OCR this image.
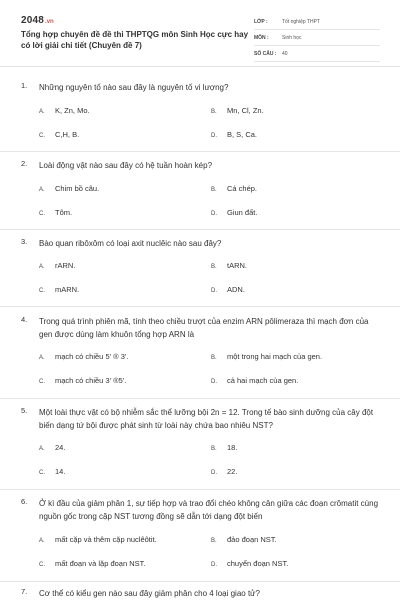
2048.vn
Tổng hợp chuyên đề đề thi THPTQG môn Sinh Học cực hay có lời giải chi tiết (Chuyên đề 7)
LỚP :	Tốt nghiệp THPT
MÔN :	Sinh học
SỐ CÂU :	40
1. Những nguyên tố nào sau đây là nguyên tố vi lượng?
A. K, Zn, Mo.	B. Mn, Cl, Zn.
C. C,H, B.	D. B, S, Ca.
2. Loài động vật nào sau đây có hệ tuần hoàn kép?
A. Chim bồ câu.	B. Cá chép.
C. Tôm.	D. Giun đất.
3. Bào quan ribôxôm có loại axit nuclêic nào sau đây?
A. rARN.	B. tARN.
C. mARN.	D. ADN.
4. Trong quá trình phiên mã, tính theo chiều trượt của enzim ARN pôlimeraza thì mạch đơn của gen được dùng làm khuôn tổng hợp ARN là
A. mạch có chiều 5' ® 3'.	B. một trong hai mạch của gen.
C. mạch có chiều 3' ®5'.	D. cả hai mạch của gen.
5. Một loài thực vật có bộ nhiễm sắc thể lưỡng bội 2n = 12. Trong tế bào sinh dưỡng của cây đột biến dạng tứ bội được phát sinh từ loài này chứa bao nhiêu NST?
A. 24.	B. 18.
C. 14.	D. 22.
6. Ở kì đầu của giảm phân 1, sự tiếp hợp và trao đổi chéo không cân giữa các đoạn crômatit cùng nguồn gốc trong cặp NST tương đồng sẽ dẫn tới dạng đột biến
A. mất cặp và thêm cặp nuclêôtit.	B. đảo đoạn NST.
C. mất đoạn và lặp đoạn NST.	D. chuyển đoạn NST.
7. Cơ thể có kiểu gen nào sau đây giảm phân cho 4 loại giao tử?
